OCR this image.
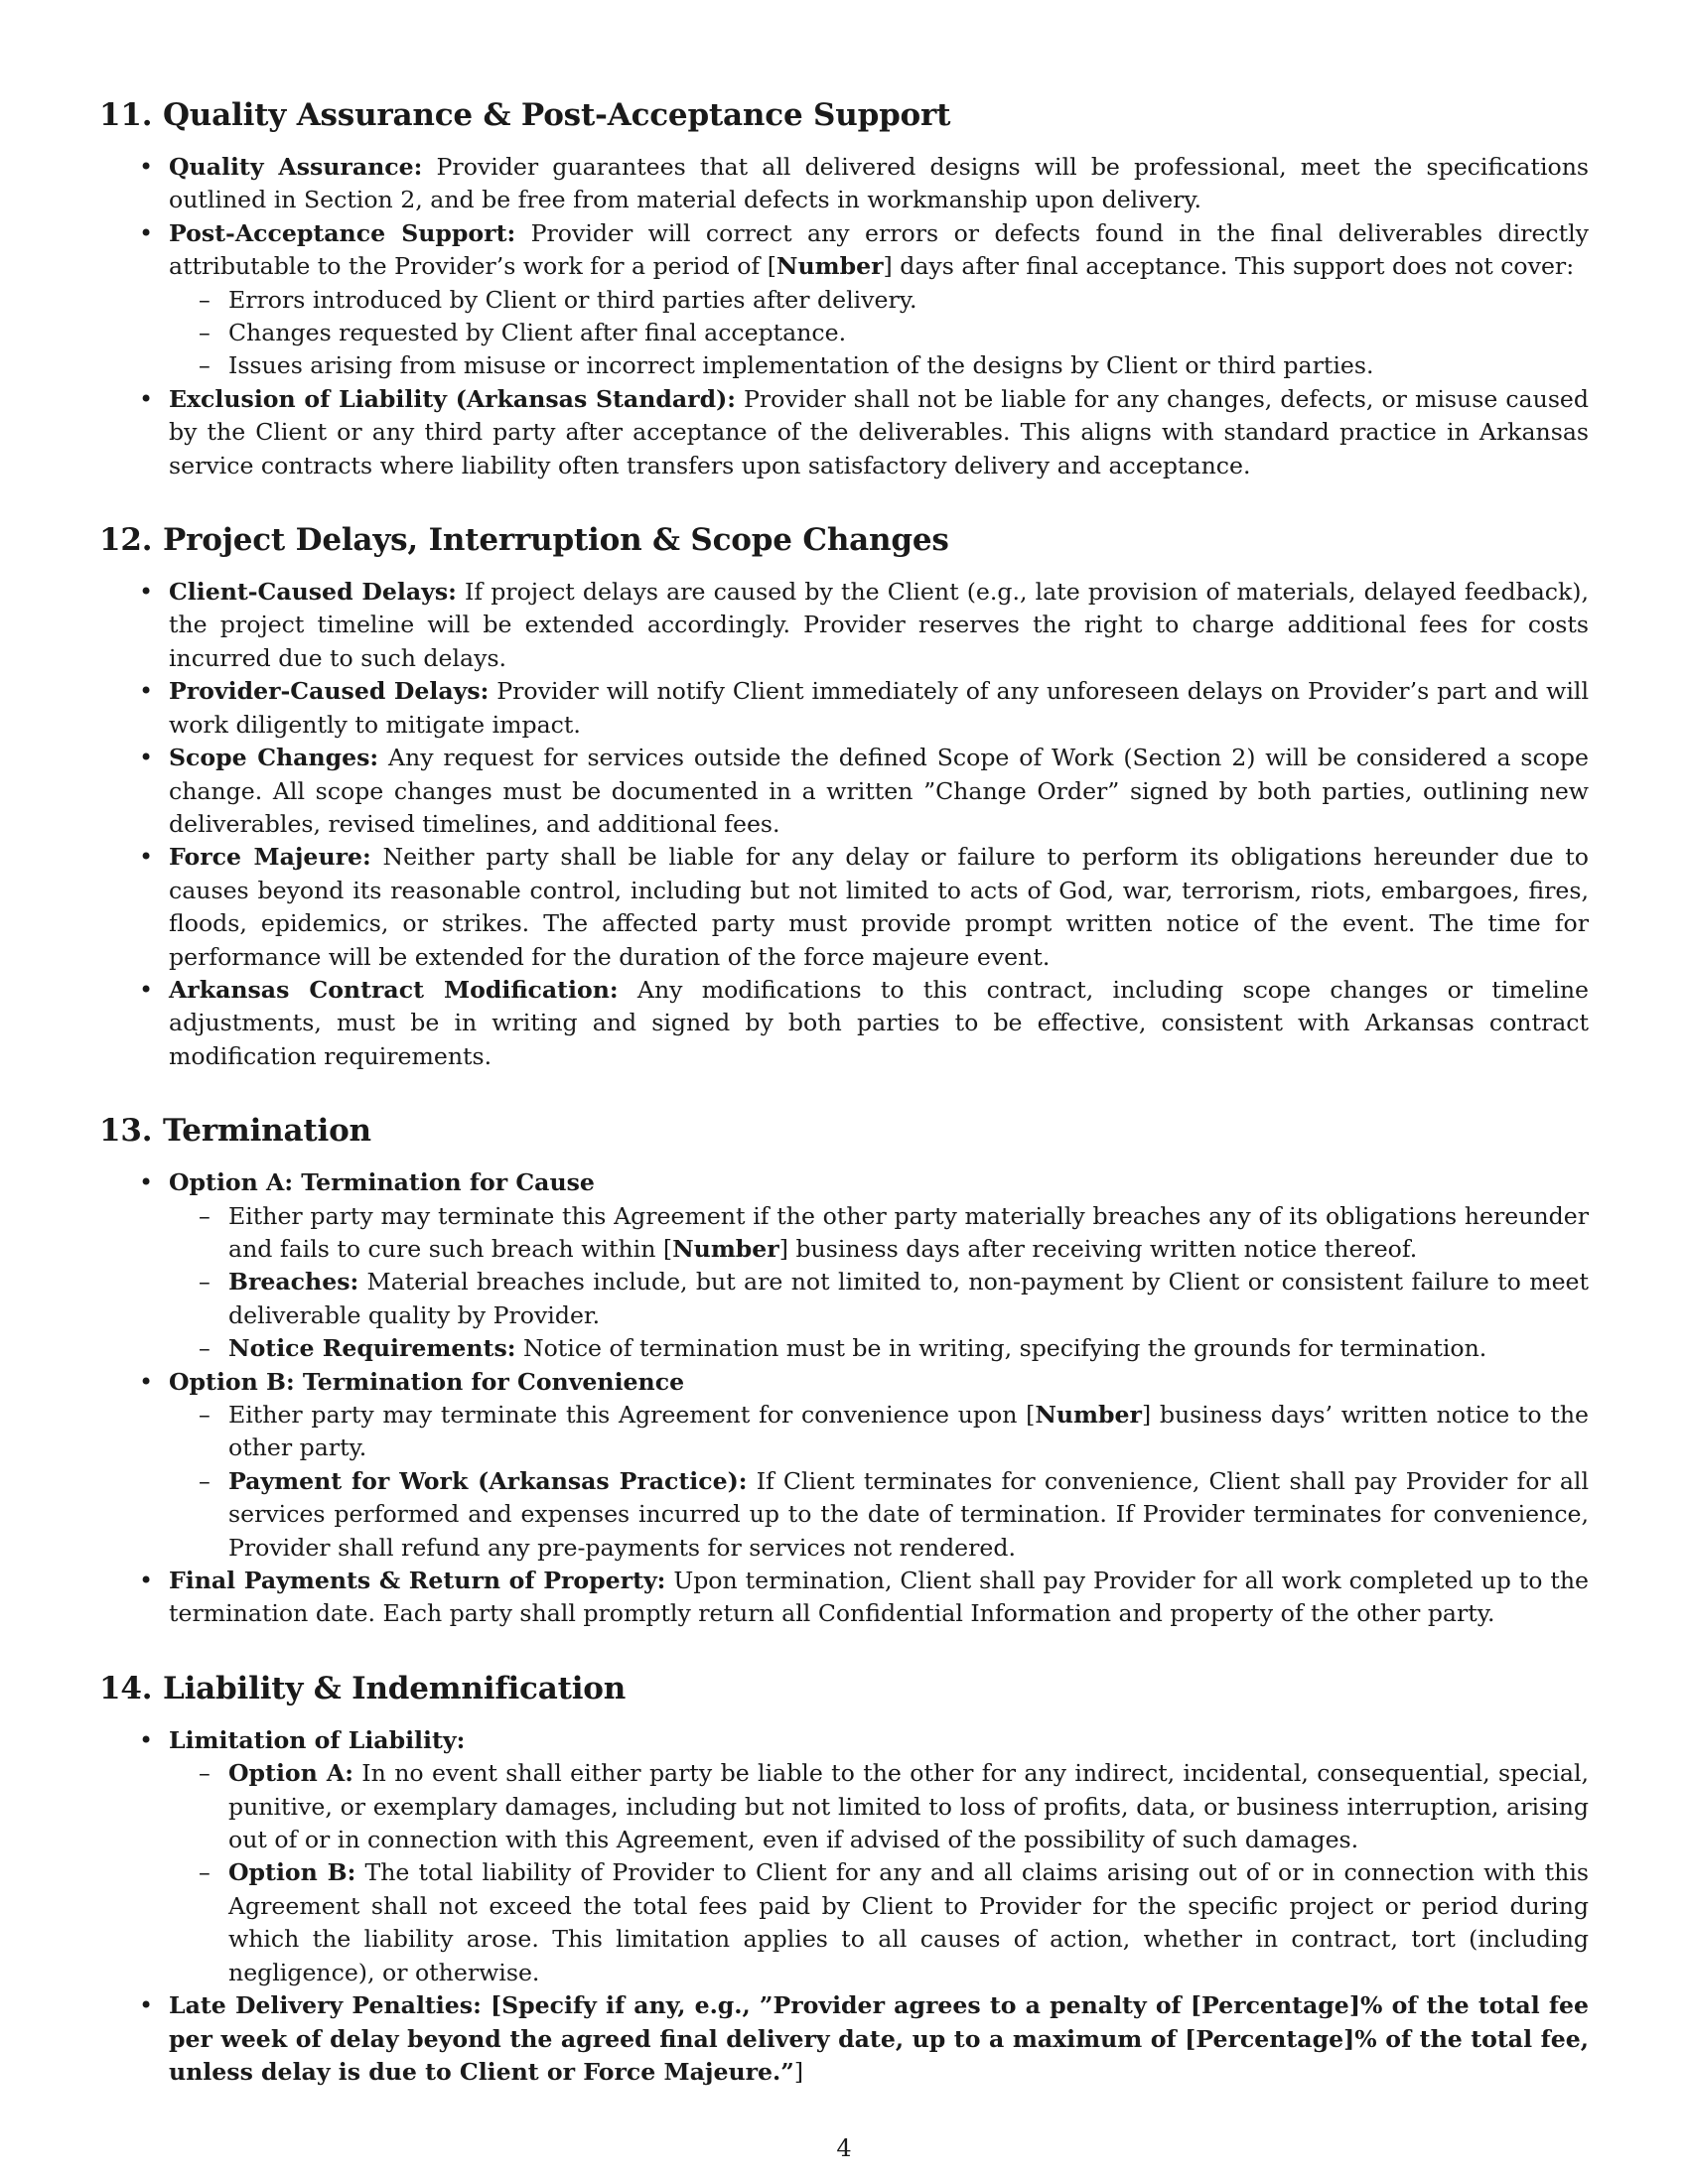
11. Quality Assurance & Post-Acceptance Support
• Quality Assurance: Provider guarantees that all delivered designs will be professional, meet the specifications outlined in Section 2, and be free from material defects in workmanship upon delivery.
• Post-Acceptance Support: Provider will correct any errors or defects found in the final deliverables directly attributable to the Provider’s work for a period of [Number] days after final acceptance. This support does not cover:
– Errors introduced by Client or third parties after delivery.
– Changes requested by Client after final acceptance.
– Issues arising from misuse or incorrect implementation of the designs by Client or third parties.
• Exclusion of Liability (Arkansas Standard): Provider shall not be liable for any changes, defects, or misuse caused by the Client or any third party after acceptance of the deliverables. This aligns with standard practice in Arkansas service contracts where liability often transfers upon satisfactory delivery and acceptance.
12. Project Delays, Interruption & Scope Changes
• Client-Caused Delays: If project delays are caused by the Client (e.g., late provision of materials, delayed feedback), the project timeline will be extended accordingly. Provider reserves the right to charge additional fees for costs incurred due to such delays.
• Provider-Caused Delays: Provider will notify Client immediately of any unforeseen delays on Provider’s part and will work diligently to mitigate impact.
• Scope Changes: Any request for services outside the defined Scope of Work (Section 2) will be considered a scope change. All scope changes must be documented in a written ”Change Order” signed by both parties, outlining new deliverables, revised timelines, and additional fees.
• Force Majeure: Neither party shall be liable for any delay or failure to perform its obligations hereunder due to causes beyond its reasonable control, including but not limited to acts of God, war, terrorism, riots, embargoes, fires, floods, epidemics, or strikes. The affected party must provide prompt written notice of the event. The time for performance will be extended for the duration of the force majeure event.
• Arkansas Contract Modification: Any modifications to this contract, including scope changes or timeline adjustments, must be in writing and signed by both parties to be effective, consistent with Arkansas contract modification requirements.
13. Termination
• Option A: Termination for Cause
– Either party may terminate this Agreement if the other party materially breaches any of its obligations hereunder and fails to cure such breach within [Number] business days after receiving written notice thereof.
– Breaches: Material breaches include, but are not limited to, non-payment by Client or consistent failure to meet deliverable quality by Provider.
– Notice Requirements: Notice of termination must be in writing, specifying the grounds for termination.
• Option B: Termination for Convenience
– Either party may terminate this Agreement for convenience upon [Number] business days’ written notice to the other party.
– Payment for Work (Arkansas Practice): If Client terminates for convenience, Client shall pay Provider for all services performed and expenses incurred up to the date of termination. If Provider terminates for convenience, Provider shall refund any pre-payments for services not rendered.
• Final Payments & Return of Property: Upon termination, Client shall pay Provider for all work completed up to the termination date. Each party shall promptly return all Confidential Information and property of the other party.
14. Liability & Indemnification
• Limitation of Liability:
– Option A: In no event shall either party be liable to the other for any indirect, incidental, consequential, special, punitive, or exemplary damages, including but not limited to loss of profits, data, or business interruption, arising out of or in connection with this Agreement, even if advised of the possibility of such damages.
– Option B: The total liability of Provider to Client for any and all claims arising out of or in connection with this Agreement shall not exceed the total fees paid by Client to Provider for the specific project or period during which the liability arose. This limitation applies to all causes of action, whether in contract, tort (including negligence), or otherwise.
• Late Delivery Penalties: [Specify if any, e.g., ”Provider agrees to a penalty of [Percentage]% of the total fee per week of delay beyond the agreed final delivery date, up to a maximum of [Percentage]% of the total fee, unless delay is due to Client or Force Majeure.”]
4
